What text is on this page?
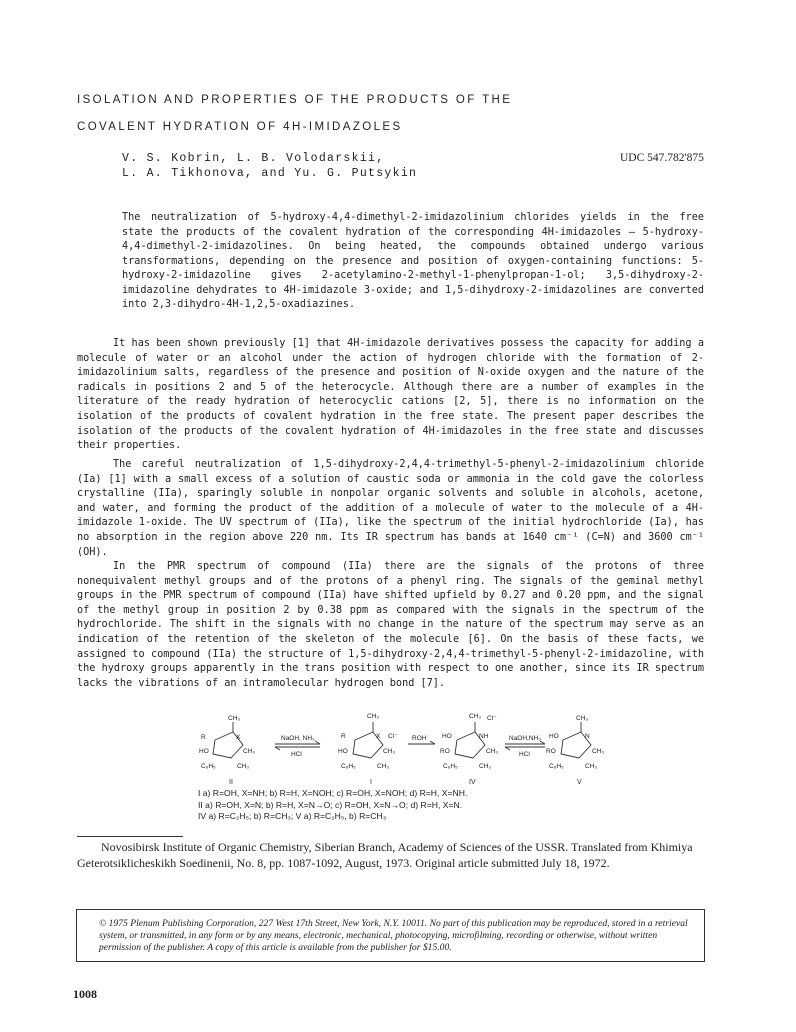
ISOLATION AND PROPERTIES OF THE PRODUCTS OF THE
COVALENT HYDRATION OF 4H-IMIDAZOLES
V. S. Kobrin, L. B. Volodarskii,
L. A. Tikhonova, and Yu. G. Putsykin
UDC 547.782'875
The neutralization of 5-hydroxy-4,4-dimethyl-2-imidazolinium chlorides yields in the free state the products of the covalent hydration of the corresponding 4H-imidazoles – 5-hydroxy-4,4-dimethyl-2-imidazolines. On being heated, the compounds obtained undergo various transformations, depending on the presence and position of oxygen-containing functions: 5-hydroxy-2-imidazoline gives 2-acetylamino-2-methyl-1-phenylpropan-1-ol; 3,5-dihydroxy-2-imidazoline dehydrates to 4H-imidazole 3-oxide; and 1,5-dihydroxy-2-imidazolines are converted into 2,3-dihydro-4H-1,2,5-oxadiazines.

It has been shown previously [1] that 4H-imidazole derivatives possess the capacity for adding a molecule of water or an alcohol under the action of hydrogen chloride with the formation of 2-imidazolinium salts, regardless of the presence and position of N-oxide oxygen and the nature of the radicals in positions 2 and 5 of the heterocycle. Although there are a number of examples in the literature of the ready hydration of heterocyclic cations [2, 5], there is no information on the isolation of the products of covalent hydration in the free state. The present paper describes the isolation of the products of the covalent hydration of 4H-imidazoles in the free state and discusses their properties.

The careful neutralization of 1,5-dihydroxy-2,4,4-trimethyl-5-phenyl-2-imidazolinium chloride (Ia) [1] with a small excess of a solution of caustic soda or ammonia in the cold gave the colorless crystalline (IIa), sparingly soluble in nonpolar organic solvents and soluble in alcohols, acetone, and water, and forming the product of the addition of a molecule of water to the molecule of a 4H-imidazole 1-oxide. The UV spectrum of (IIa), like the spectrum of the initial hydrochloride (Ia), has no absorption in the region above 220 nm. Its IR spectrum has bands at 1640 cm⁻¹ (C=N) and 3600 cm⁻¹ (OH).

In the PMR spectrum of compound (IIa) there are the signals of the protons of three nonequivalent methyl groups and of the protons of a phenyl ring. The signals of the geminal methyl groups in the PMR spectrum of compound (IIa) have shifted upfield by 0.27 and 0.20 ppm, and the signal of the methyl group in position 2 by 0.38 ppm as compared with the signals in the spectrum of the hydrochloride. The shift in the signals with no change in the nature of the spectrum may serve as an indication of the retention of the skeleton of the molecule [6]. On the basis of these facts, we assigned to compound (IIa) the structure of 1,5-dihydroxy-2,4,4-trimethyl-5-phenyl-2-imidazoline, with the hydroxy groups apparently in the trans position with respect to one another, since its IR spectrum lacks the vibrations of an intramolecular hydrogen bond [7].

CH₃
R	X
HO	CH₃
C₆H₅	CH₃
NaOH, NH₃
HCl
CH₃
R	X Cl⁻
HO	CH₃
C₆H₅	CH₃
ROH
CH₃ Cl⁻
HO	NH
RO	CH₃
C₆H₅	CH₃
NaOH,NH₃
HCl
CH₃
HO	N
RO	CH₃
C₆H₅	CH₃
II	I	IV	V
I a) R=OH, X=NH; b) R=H, X=NOH; c) R=OH, X=NOH; d) R=H, X=NH.
II a) R=OH, X=N; b) R=H, X=N→O; c) R=OH, X=N→O; d) R=H, X=N.
IV a) R=C₂H₅; b) R=CH₃; V a) R=C₂H₅, b) R=CH₃
Novosibirsk Institute of Organic Chemistry, Siberian Branch, Academy of Sciences of the USSR. Translated from Khimiya Geterotsiklicheskikh Soedinenii, No. 8, pp. 1087-1092, August, 1973. Original article submitted July 18, 1972.
© 1975 Plenum Publishing Corporation, 227 West 17th Street, New York, N.Y. 10011. No part of this publication may be reproduced, stored in a retrieval system, or transmitted, in any form or by any means, electronic, mechanical, photocopying, microfilming, recording or otherwise, without written permission of the publisher. A copy of this article is available from the publisher for $15.00.
1008
